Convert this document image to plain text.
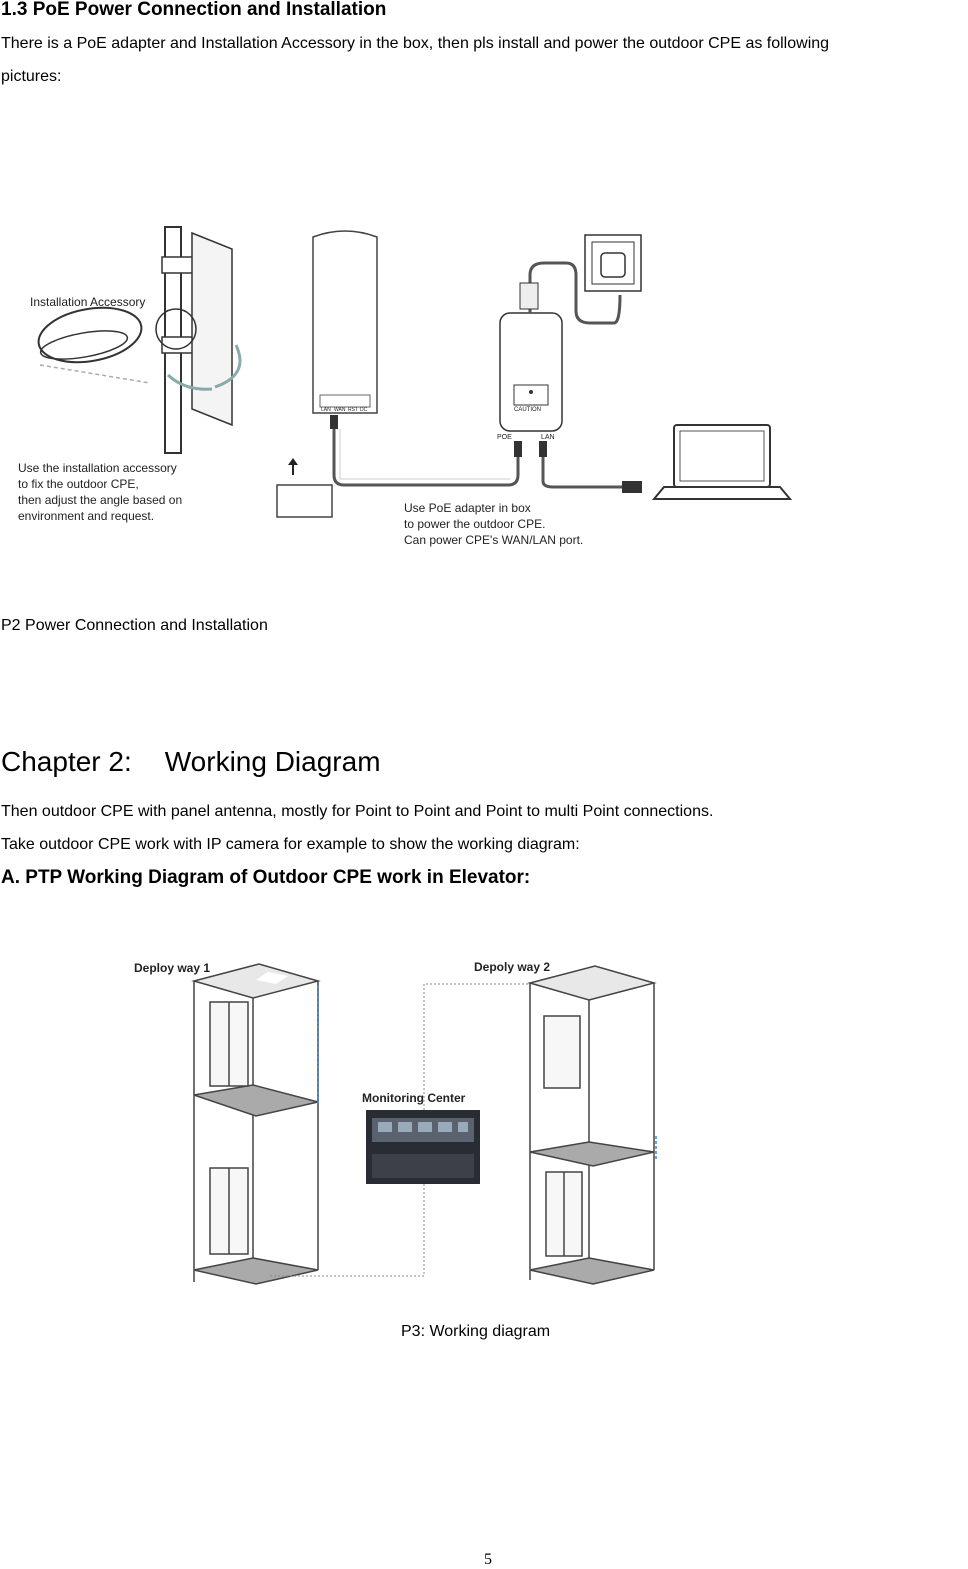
1.3 PoE Power Connection and Installation
There is a PoE adapter and Installation Accessory in the box, then pls install and power the outdoor CPE as following
pictures:
Installation Accessory
Use the installation accessory
to fix the outdoor CPE,
then adjust the angle based on
environment and request.
LAN WAN RST DC	CAUTION
POE	LAN
Use PoE adapter in box
to power the outdoor CPE.
Can power CPE's WAN/LAN port.
P2 Power Connection and Installation
Chapter 2: Working Diagram
Then outdoor CPE with panel antenna, mostly for Point to Point and Point to multi Point connections.
Take outdoor CPE work with IP camera for example to show the working diagram:
A. PTP Working Diagram of Outdoor CPE work in Elevator:
Deploy way 1	Depoly way 2
Monitoring Center
P3: Working diagram
5
